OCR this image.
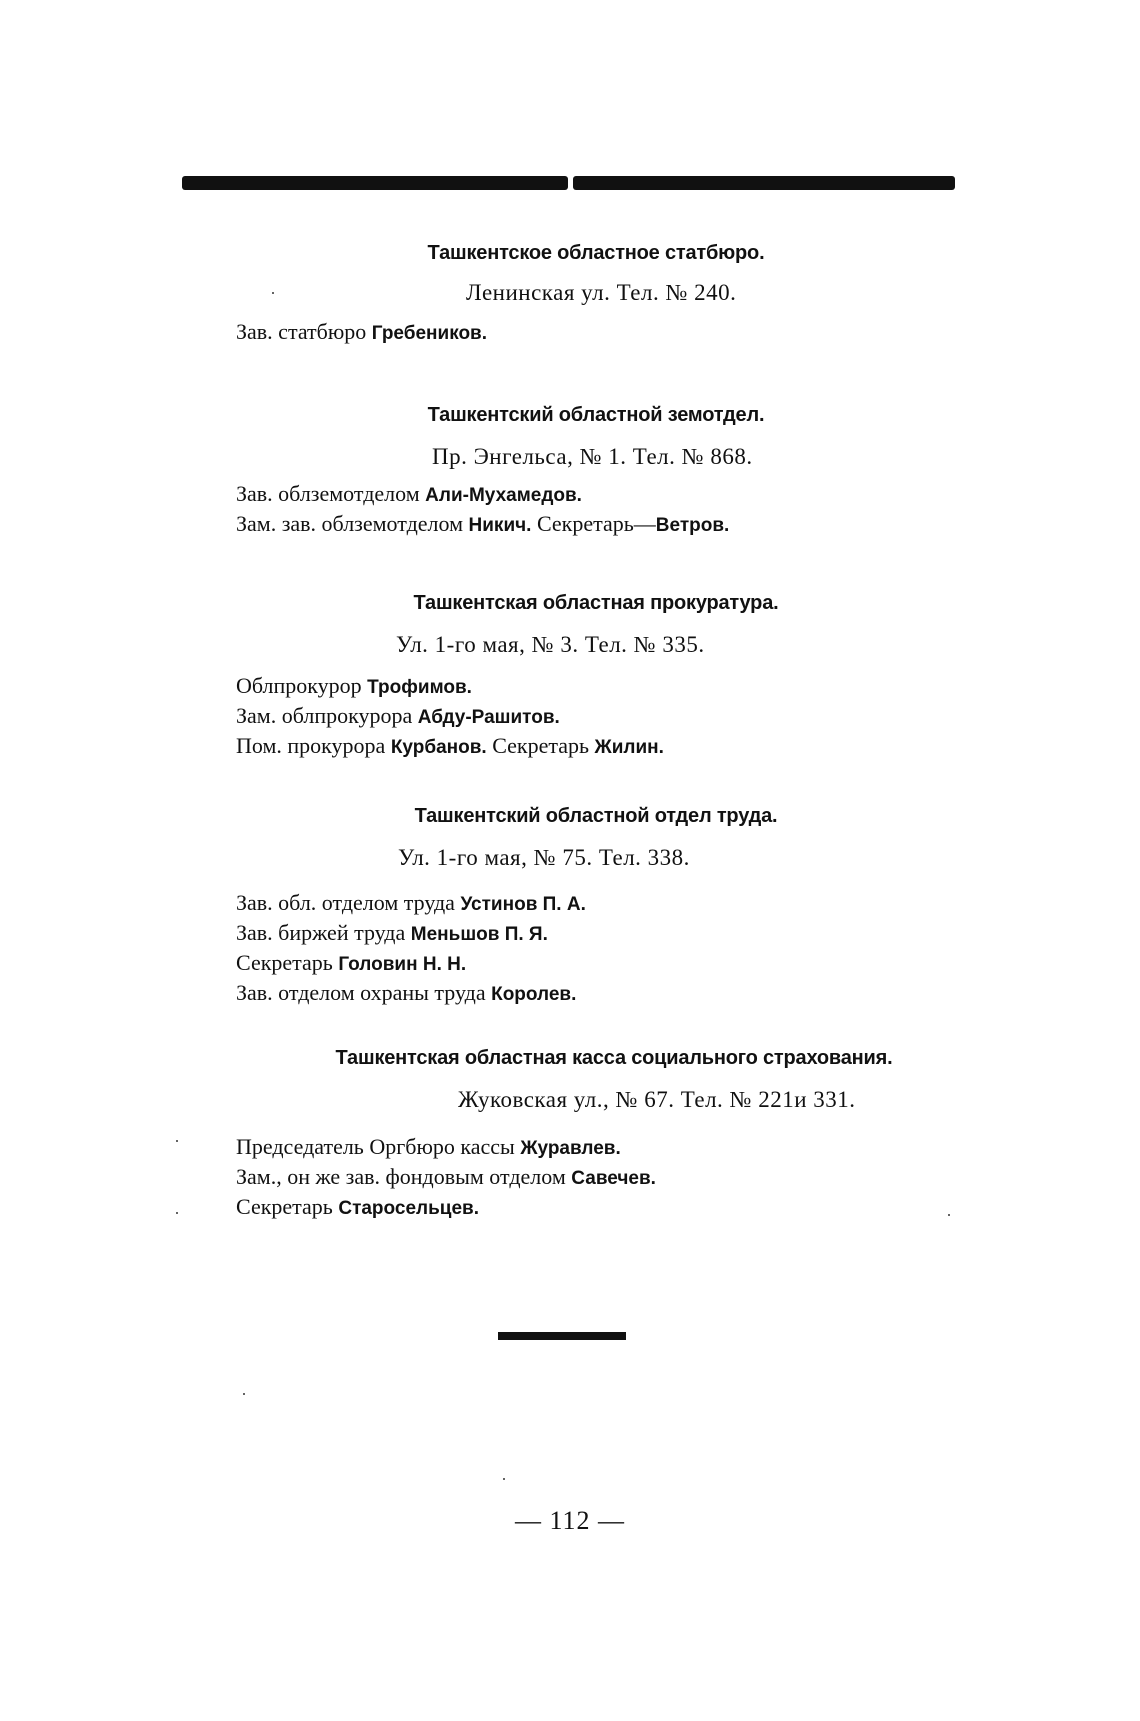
Ташкентское областное статбюро.

Ленинская ул. Тел. № 240.

Зав. статбюро Гребеников.

Ташкентский областной земотдел.

Пр. Энгельса, № 1. Тел. № 868.

Зав. облземотделом Али-Мухамедов.

Зам. зав. облземотделом Никич. Секретарь—Ветров.

Ташкентская областная прокуратура.

Ул. 1-го мая, № 3. Тел. № 335.

Облпрокурор Трофимов.

Зам. облпрокурора Абду-Рашитов.

Пом. прокурора Курбанов. Секретарь Жилин.

Ташкентский областной отдел труда.

Ул. 1-го мая, № 75. Тел. 338.

Зав. обл. отделом труда Устинов П. А.

Зав. биржей труда Меньшов П. Я.

Секретарь Головин Н. Н.

Зав. отделом охраны труда Королев.

Ташкентская областная касса социального страхования.

Жуковская ул., № 67. Тел. № 221и 331.

Председатель Оргбюро кассы Журавлев.

Зам., он же зав. фондовым отделом Савечев.

Секретарь Старосельцев.

— 112 —
